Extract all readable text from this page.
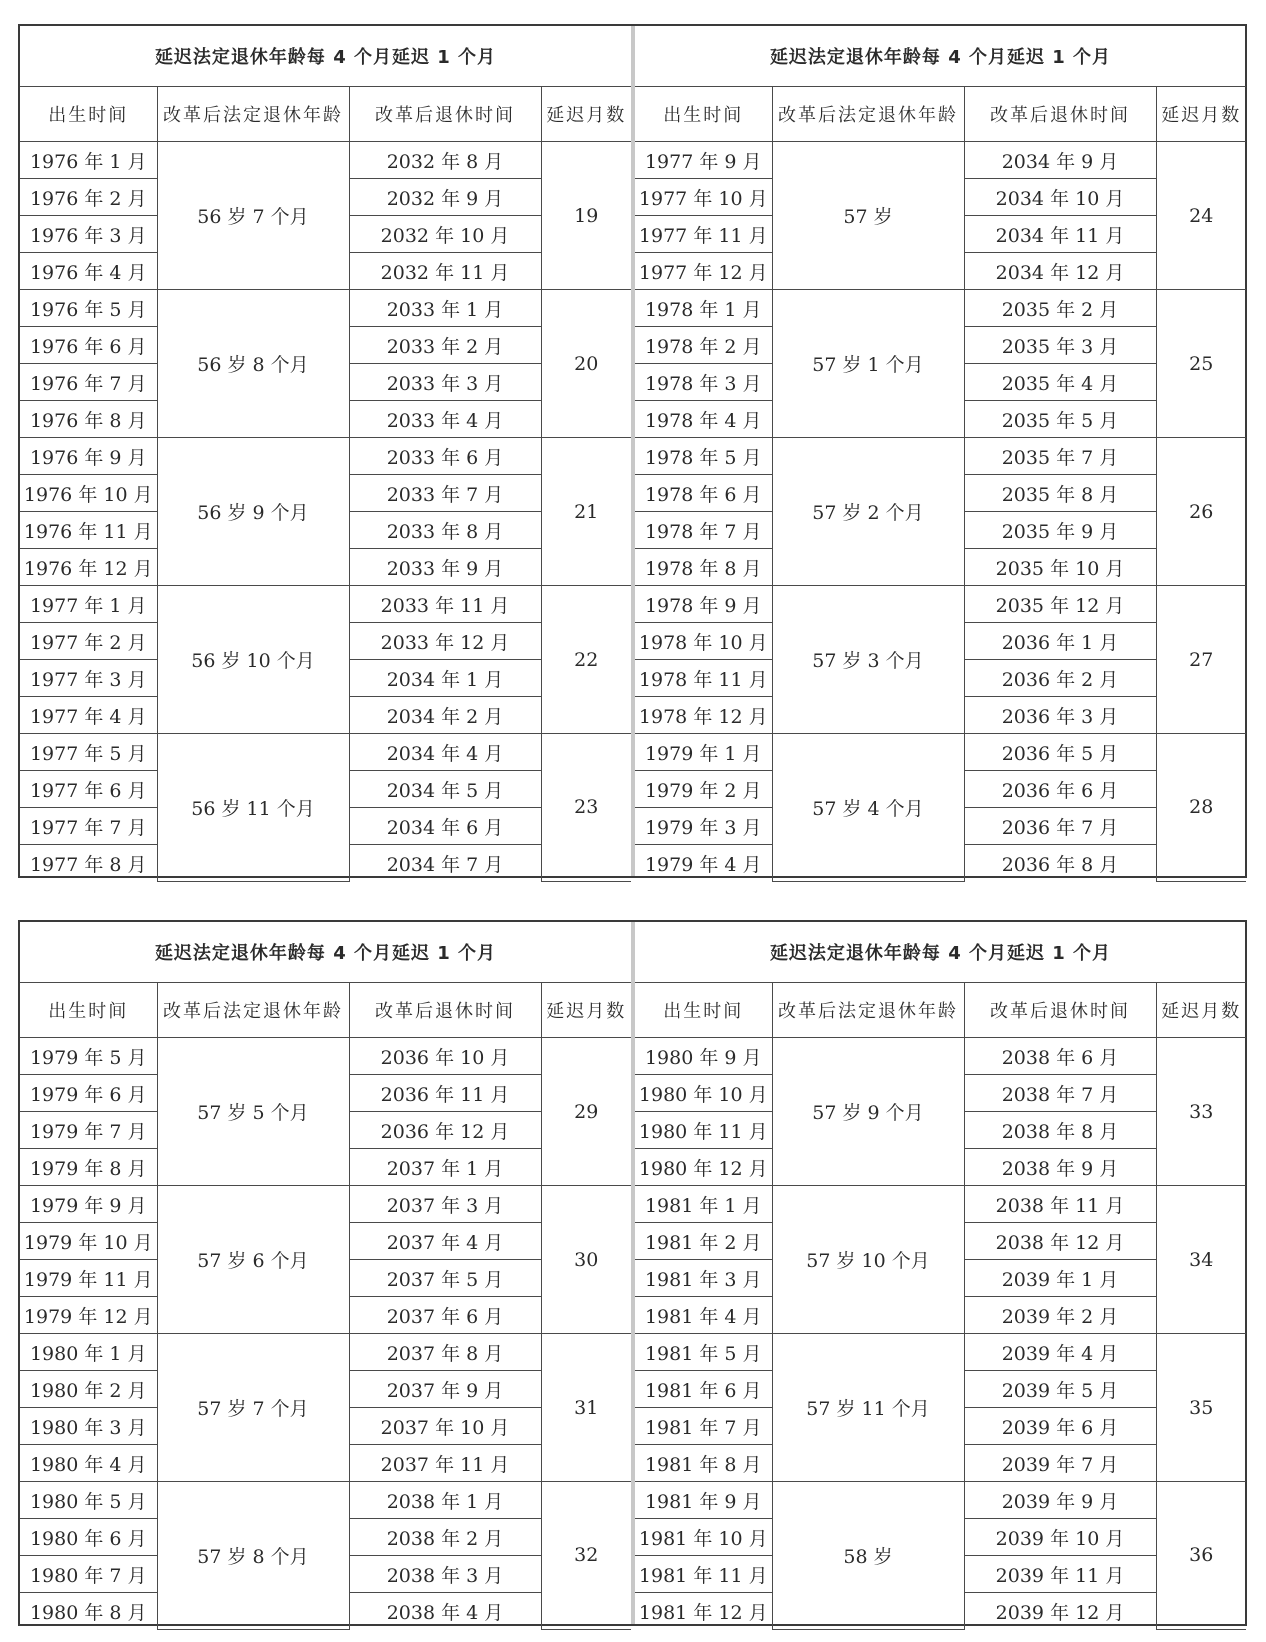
延迟法定退休年龄每 4 个月延迟 1 个月			
出生时间	改革后法定退休年龄	改革后退休时间	延迟月数
1976 年 1 月	56 岁 7 个月	2032 年 8 月	19
1976 年 2 月		2032 年 9 月	
1976 年 3 月		2032 年 10 月	
1976 年 4 月		2032 年 11 月	
1976 年 5 月	56 岁 8 个月	2033 年 1 月	20
1976 年 6 月		2033 年 2 月	
1976 年 7 月		2033 年 3 月	
1976 年 8 月		2033 年 4 月	
1976 年 9 月	56 岁 9 个月	2033 年 6 月	21
1976 年 10 月		2033 年 7 月	
1976 年 11 月		2033 年 8 月	
1976 年 12 月		2033 年 9 月	
1977 年 1 月	56 岁 10 个月	2033 年 11 月	22
1977 年 2 月		2033 年 12 月	
1977 年 3 月		2034 年 1 月	
1977 年 4 月		2034 年 2 月	
1977 年 5 月	56 岁 11 个月	2034 年 4 月	23
1977 年 6 月		2034 年 5 月	
1977 年 7 月		2034 年 6 月	
1977 年 8 月		2034 年 7 月	
延迟法定退休年龄每 4 个月延迟 1 个月			
出生时间	改革后法定退休年龄	改革后退休时间	延迟月数
1977 年 9 月	57 岁	2034 年 9 月	24
1977 年 10 月		2034 年 10 月	
1977 年 11 月		2034 年 11 月	
1977 年 12 月		2034 年 12 月	
1978 年 1 月	57 岁 1 个月	2035 年 2 月	25
1978 年 2 月		2035 年 3 月	
1978 年 3 月		2035 年 4 月	
1978 年 4 月		2035 年 5 月	
1978 年 5 月	57 岁 2 个月	2035 年 7 月	26
1978 年 6 月		2035 年 8 月	
1978 年 7 月		2035 年 9 月	
1978 年 8 月		2035 年 10 月	
1978 年 9 月	57 岁 3 个月	2035 年 12 月	27
1978 年 10 月		2036 年 1 月	
1978 年 11 月		2036 年 2 月	
1978 年 12 月		2036 年 3 月	
1979 年 1 月	57 岁 4 个月	2036 年 5 月	28
1979 年 2 月		2036 年 6 月	
1979 年 3 月		2036 年 7 月	
1979 年 4 月		2036 年 8 月	
延迟法定退休年龄每 4 个月延迟 1 个月			
出生时间	改革后法定退休年龄	改革后退休时间	延迟月数
1979 年 5 月	57 岁 5 个月	2036 年 10 月	29
1979 年 6 月		2036 年 11 月	
1979 年 7 月		2036 年 12 月	
1979 年 8 月		2037 年 1 月	
1979 年 9 月	57 岁 6 个月	2037 年 3 月	30
1979 年 10 月		2037 年 4 月	
1979 年 11 月		2037 年 5 月	
1979 年 12 月		2037 年 6 月	
1980 年 1 月	57 岁 7 个月	2037 年 8 月	31
1980 年 2 月		2037 年 9 月	
1980 年 3 月		2037 年 10 月	
1980 年 4 月		2037 年 11 月	
1980 年 5 月	57 岁 8 个月	2038 年 1 月	32
1980 年 6 月		2038 年 2 月	
1980 年 7 月		2038 年 3 月	
1980 年 8 月		2038 年 4 月	
延迟法定退休年龄每 4 个月延迟 1 个月			
出生时间	改革后法定退休年龄	改革后退休时间	延迟月数
1980 年 9 月	57 岁 9 个月	2038 年 6 月	33
1980 年 10 月		2038 年 7 月	
1980 年 11 月		2038 年 8 月	
1980 年 12 月		2038 年 9 月	
1981 年 1 月	57 岁 10 个月	2038 年 11 月	34
1981 年 2 月		2038 年 12 月	
1981 年 3 月		2039 年 1 月	
1981 年 4 月		2039 年 2 月	
1981 年 5 月	57 岁 11 个月	2039 年 4 月	35
1981 年 6 月		2039 年 5 月	
1981 年 7 月		2039 年 6 月	
1981 年 8 月		2039 年 7 月	
1981 年 9 月	58 岁	2039 年 9 月	36
1981 年 10 月		2039 年 10 月	
1981 年 11 月		2039 年 11 月	
1981 年 12 月		2039 年 12 月	
